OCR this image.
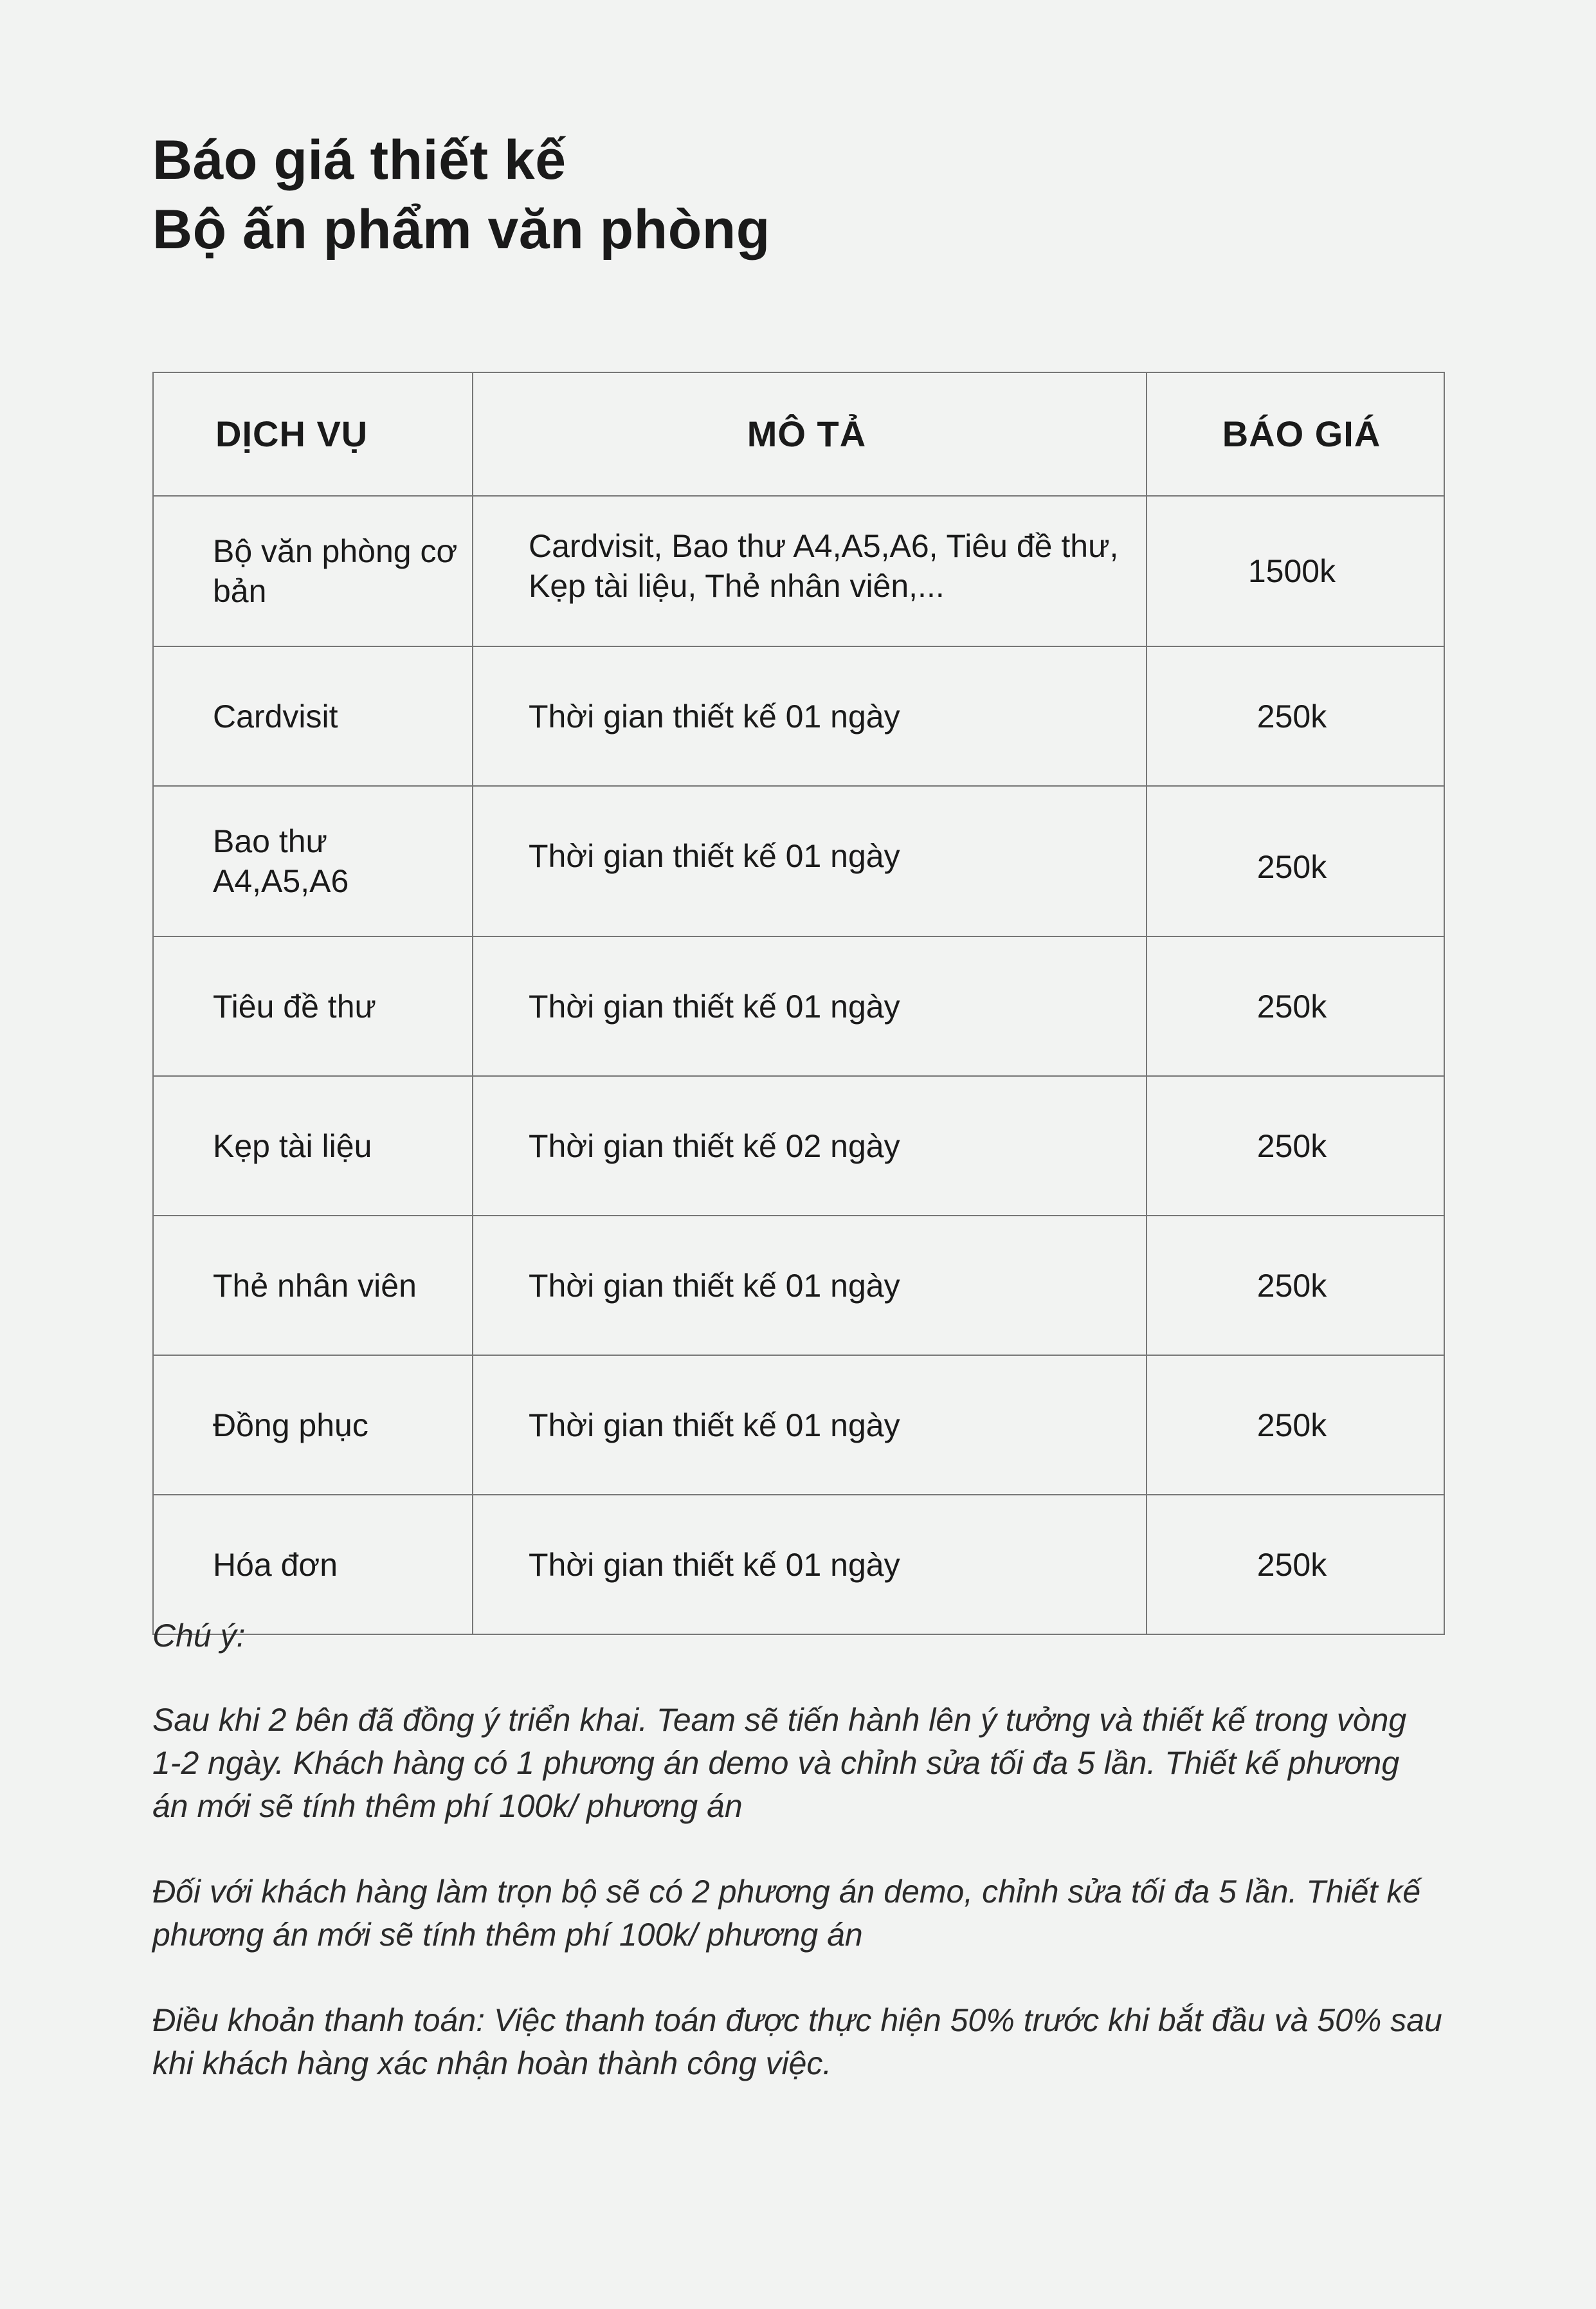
Báo giá thiết kế
Bộ ấn phẩm văn phòng
DỊCH VỤ	MÔ TẢ	BÁO GIÁ
Bộ văn phòng cơ bản	Cardvisit, Bao thư A4,A5,A6, Tiêu đề thư, Kẹp tài liệu, Thẻ nhân viên,...	1500k
Cardvisit	Thời gian thiết kế 01 ngày	250k
Bao thư A4,A5,A6	Thời gian thiết kế 01 ngày	250k
Tiêu đề thư	Thời gian thiết kế 01 ngày	250k
Kẹp tài liệu	Thời gian thiết kế 02 ngày	250k
Thẻ nhân viên	Thời gian thiết kế 01 ngày	250k
Đồng phục	Thời gian thiết kế 01 ngày	250k
Hóa đơn	Thời gian thiết kế 01 ngày	250k

Chú ý:

Sau khi 2 bên đã đồng ý triển khai. Team sẽ tiến hành lên ý tưởng và thiết kế trong vòng 1-2 ngày. Khách hàng có 1 phương án demo và chỉnh sửa tối đa 5 lần. Thiết kế phương án mới sẽ tính thêm phí 100k/ phương án

Đối với khách hàng làm trọn bộ sẽ có 2 phương án demo, chỉnh sửa tối đa 5 lần. Thiết kế phương án mới sẽ tính thêm phí 100k/ phương án

Điều khoản thanh toán: Việc thanh toán được thực hiện 50% trước khi bắt đầu và 50% sau khi khách hàng xác nhận hoàn thành công việc.
